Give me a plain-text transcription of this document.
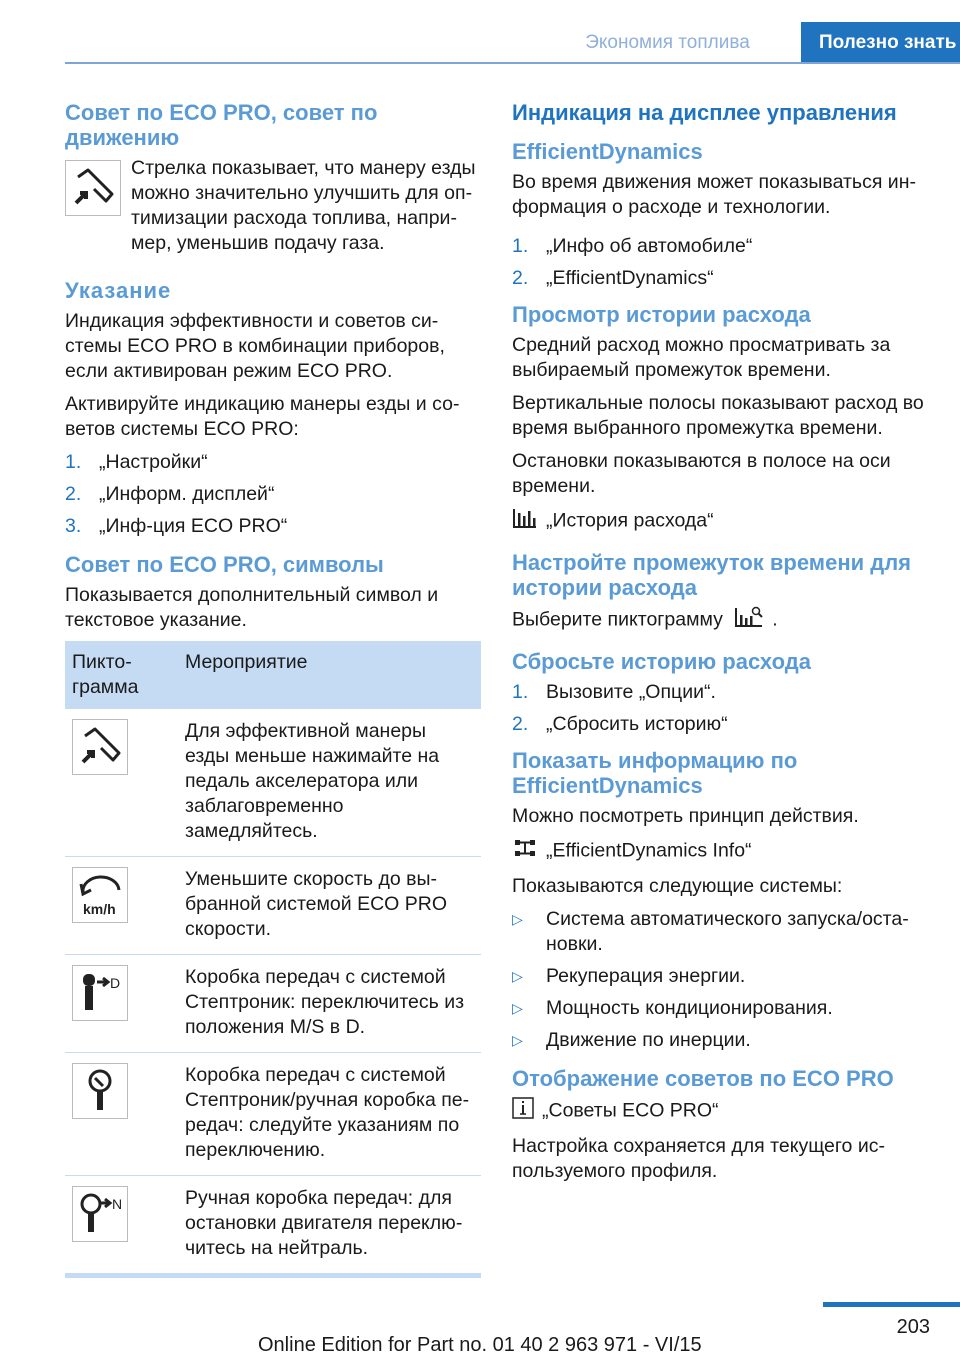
Экономия топлива	Полезно знать
Совет по ECO PRO, совет по движению

Стрелка показывает, что манеру езды можно значительно улучшить для оптимизации расхода топлива, например, уменьшив подачу газа.

Указание

Индикация эффективности и советов системы ECO PRO в комбинации приборов, если активирован режим ECO PRO.

Активируйте индикацию манеры езды и советов системы ECO PRO:

1. „Настройки“
2. „Информ. дисплей“
3. „Инф-ция ECO PRO“
Совет по ECO PRO, символы

Показывается дополнительный символ и текстовое указание.

Пиктограмма	Мероприятие
	Для эффективной манеры езды меньше нажимайте на педаль акселератора или заблаговременно замедляйтесь.

km/h	Уменьшите скорость до выбранной системой ECO PRO скорости.

D	Коробка передач с системой Стептроник: переключитесь из положения M/S в D.
	Коробка передач с системой Стептроник/ручная коробка передач: следуйте указаниям по переключению.

N	Ручная коробка передач: для остановки двигателя переключитесь на нейтраль.
Индикация на дисплее управления
EfficientDynamics

Во время движения может показываться информация о расходе и технологии.

1. „Инфо об автомобиле“
2. „EfficientDynamics“
Просмотр истории расхода

Средний расход можно просматривать за выбираемый промежуток времени.

Вертикальные полосы показывают расход во время выбранного промежутка времени.

Остановки показываются в полосе на оси времени.

„История расхода“

Настройте промежуток времени для истории расхода

Выберите пиктограмму	.

Сбросьте историю расхода
1. Вызовите „Опции“.
2. „Сбросить историю“
Показать информацию по EfficientDynamics

Можно посмотреть принцип действия.

„EfficientDynamics Info“

Показываются следующие системы:

▷ Система автоматического запуска/остановки.
▷ Рекуперация энергии.
▷ Мощность кондиционирования.
▷ Движение по инерции.
Отображение советов по ECO PRO

„Советы ECO PRO“

Настройка сохраняется для текущего используемого профиля.

203
Online Edition for Part no. 01 40 2 963 971 - VI/15
